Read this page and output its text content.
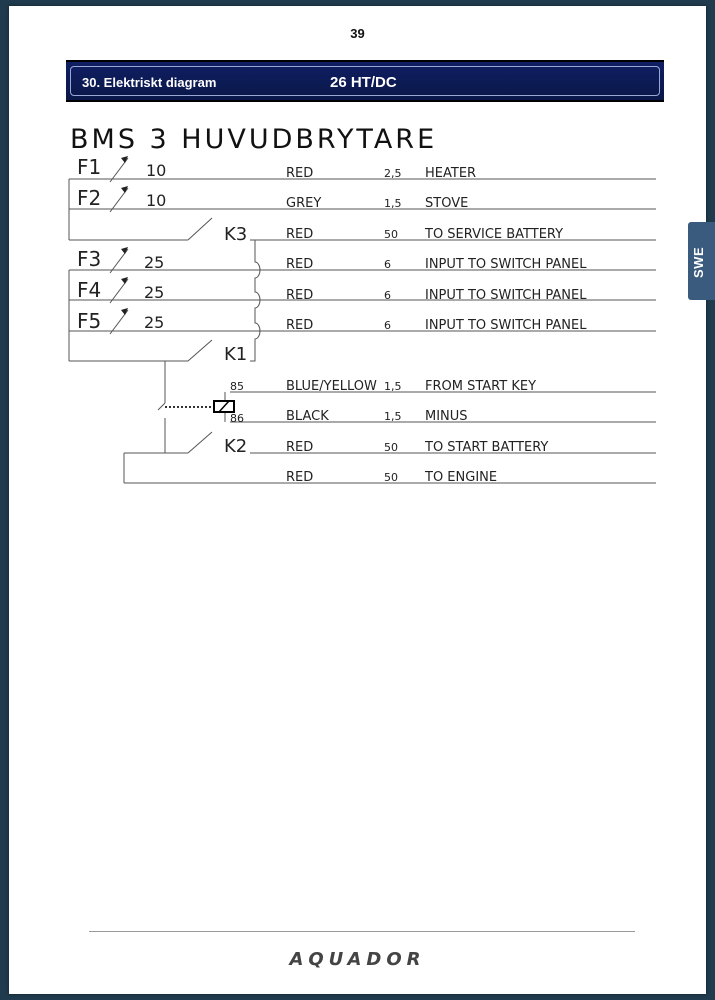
39
30. Elektriskt diagram	26 HT/DC
SWE
BMS 3 HUVUDBRYTARE
F1	10
F2	10
F3	25
F4	25
F5	25
K3
K1
K2
85
86
RED	2,5 HEATER
GREY	1,5 STOVE
RED	50 TO SERVICE BATTERY
RED	6	INPUT TO SWITCH PANEL
RED	6	INPUT TO SWITCH PANEL
RED	6	INPUT TO SWITCH PANEL
BLUE/YELLOW 1,5 FROM START KEY
BLACK	1,5 MINUS
RED	50 TO START BATTERY
RED	50 TO ENGINE
AQUADOR
